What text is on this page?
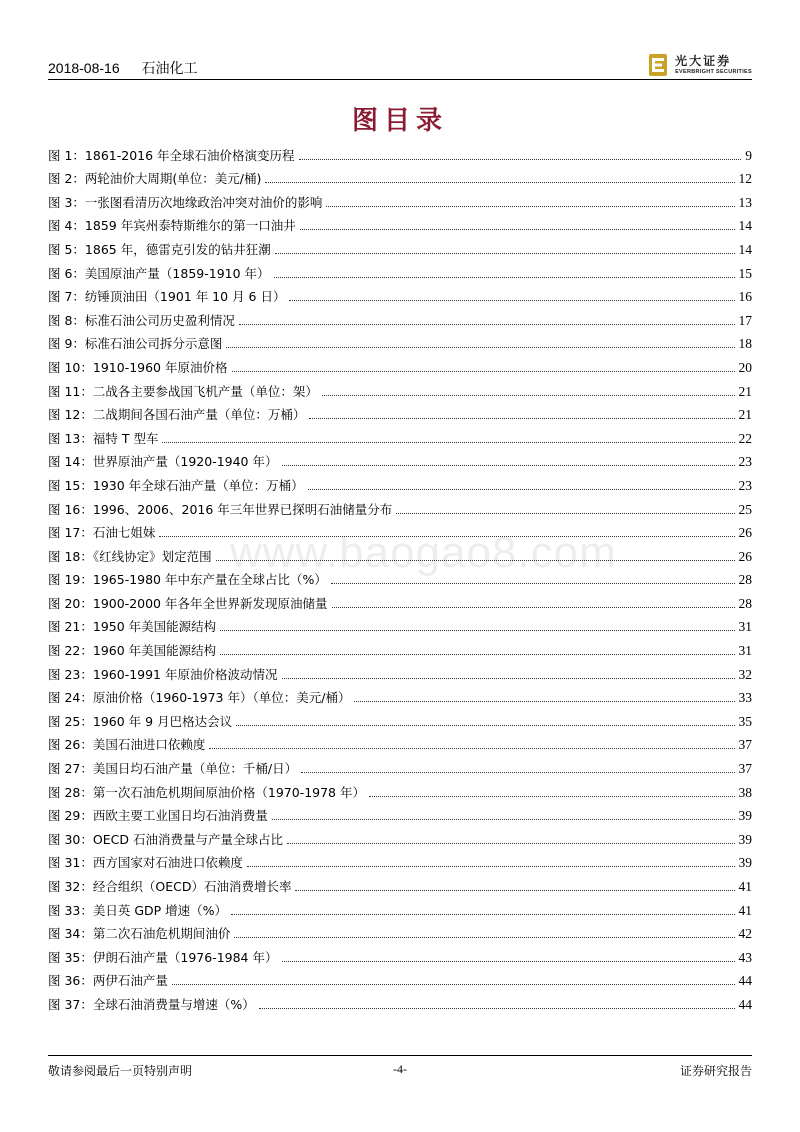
2018-08-16 石油化工	光大证券
EVERBRIGHT SECURITIES
图目录
www.baogao8.com
图 1：1861-2016 年全球石油价格演变历程	9
图 2：两轮油价大周期(单位：美元/桶)	12
图 3：一张图看清历次地缘政治冲突对油价的影响	13
图 4：1859 年宾州泰特斯维尔的第一口油井	14
图 5：1865 年，德雷克引发的钻井狂潮	14
图 6：美国原油产量（1859-1910 年）	15
图 7：纺锤顶油田（1901 年 10 月 6 日）	16
图 8：标准石油公司历史盈利情况	17
图 9：标准石油公司拆分示意图	18
图 10：1910-1960 年原油价格	20
图 11：二战各主要参战国飞机产量（单位：架）	21
图 12：二战期间各国石油产量（单位：万桶）	21
图 13：福特 T 型车	22
图 14：世界原油产量（1920-1940 年）	23
图 15：1930 年全球石油产量（单位：万桶）	23
图 16：1996、2006、2016 年三年世界已探明石油储量分布	25
图 17：石油七姐妹	26
图 18：《红线协定》划定范围	26
图 19：1965-1980 年中东产量在全球占比（%）	28
图 20：1900-2000 年各年全世界新发现原油储量	28
图 21：1950 年美国能源结构	31
图 22：1960 年美国能源结构	31
图 23：1960-1991 年原油价格波动情况	32
图 24：原油价格（1960-1973 年）（单位：美元/桶）	33
图 25：1960 年 9 月巴格达会议	35
图 26：美国石油进口依赖度	37
图 27：美国日均石油产量（单位：千桶/日）	37
图 28：第一次石油危机期间原油价格（1970-1978 年）	38
图 29：西欧主要工业国日均石油消费量	39
图 30：OECD 石油消费量与产量全球占比	39
图 31：西方国家对石油进口依赖度	39
图 32：经合组织（OECD）石油消费增长率	41
图 33：美日英 GDP 增速（%）	41
图 34：第二次石油危机期间油价	42
图 35：伊朗石油产量（1976-1984 年）	43
图 36：两伊石油产量	44
图 37：全球石油消费量与增速（%）	44
敬请参阅最后一页特别声明	-4-	证券研究报告
